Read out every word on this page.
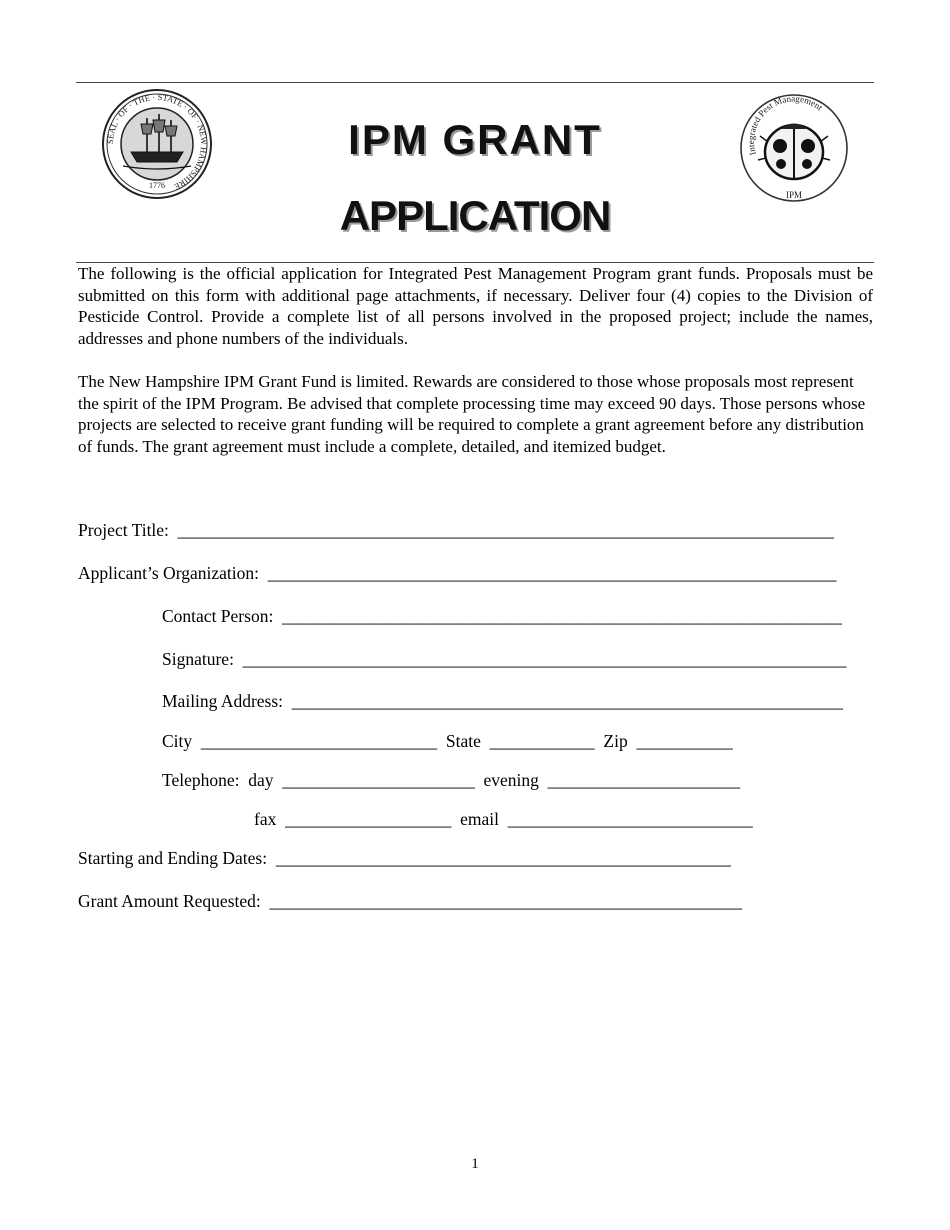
SEAL · OF · THE · STATE · OF · NEW HAMPSHIRE
1776
IPM GRANT
APPLICATION
Integrated Pest Management
IPM
The following is the official application for Integrated Pest Management Program grant funds. Proposals must be submitted on this form with additional page attachments, if necessary. Deliver four (4) copies to the Division of Pesticide Control. Provide a complete list of all persons involved in the proposed project; include the names, addresses and phone numbers of the individuals.
The New Hampshire IPM Grant Fund is limited. Rewards are considered to those whose proposals most represent the spirit of the IPM Program. Be advised that complete processing time may exceed 90 days. Those persons whose projects are selected to receive grant funding will be required to complete a grant agreement before any distribution of funds. The grant agreement must include a complete, detailed, and itemized budget.
Project Title:  ___________________________________________________________________________
Applicant’s Organization:  _________________________________________________________________
Contact Person:  ________________________________________________________________
Signature:  _____________________________________________________________________
Mailing Address:  _______________________________________________________________
City  ___________________________  State  ____________  Zip  ___________
Telephone:  day  ______________________  evening  ______________________
fax  ___________________  email  ____________________________
Starting and Ending Dates:  ____________________________________________________
Grant Amount Requested:  ______________________________________________________
1
